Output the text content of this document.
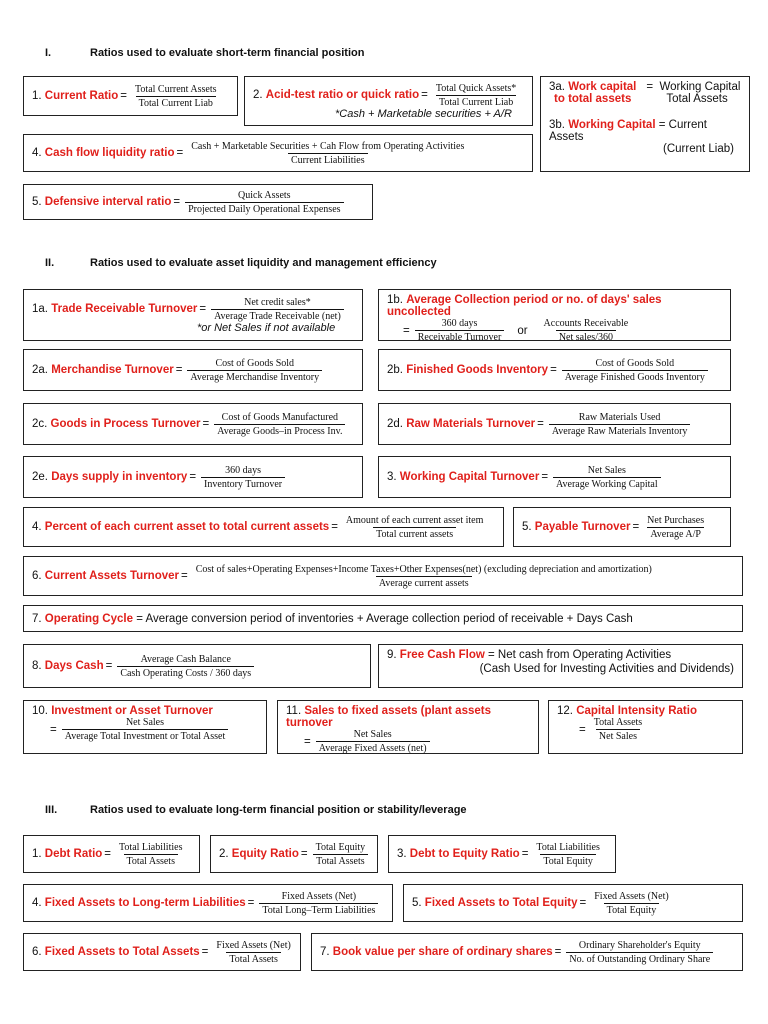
I.	Ratios used to evaluate short-term financial position
1.
Current Ratio = $\frac{\text{Total Current Assets}}{\text{Total Current Liab}}$	2.
Acid-test ratio or quick ratio = $\frac{\text{Total Quick Assets*}}{\text{Total Current Liab}}$
*Cash + Marketable securities + A/R
3a. Work capital
to total assets
= Working Capital
Total Assets
3b. Working Capital = Current Assets
(Current Liab)
4.
Cash flow liquidity ratio =
Cash + Marketable Securities + Cah Flow from Operating Activities
Current Liabilities
5.
Defensive interval ratio = $\frac{\text{Quick Assets}}{\text{Projected Daily Operational Expenses}}$
II.	Ratios used to evaluate asset liquidity and management efficiency
1a.
Trade Receivable Turnover = $\frac{\text{Net credit sales*}}{\text{Average Trade Receivable (net)}}$
*or Net Sales if not available
1b. Average Collection period or no. of days' sales uncollected
= $\frac{\text{360 days}}{\text{Receivable Turnover}}$ or $\frac{\text{Accounts Receivable}}{\text{Net sales/360}}$
2a.
Merchandise Turnover = $\frac{\text{Cost of Goods Sold}}{\text{Average Merchandise Inventory}}$	2b.
Finished Goods Inventory = $\frac{\text{Cost of Goods Sold}}{\text{Average Finished Goods Inventory}}$
2c.
Goods in Process Turnover = $\frac{\text{Cost of Goods Manufactured}}{\text{Average Goods–in Process Inv.}}$	2d.
Raw Materials Turnover = $\frac{\text{Raw Materials Used}}{\text{Average Raw Materials Inventory}}$
2e.
Days supply in inventory = $\frac{\text{360 days}}{\text{Inventory Turnover}}$	3.
Working Capital Turnover = $\frac{\text{Net Sales}}{\text{Average Working Capital}}$
4.
Percent of each current asset to total current assets = $\frac{\text{Amount of each current asset item}}{\text{Total current assets}}$	5.
Payable Turnover = $\frac{\text{Net Purchases}}{\text{Average A/P}}$
6.
Current Assets Turnover =
Cost of sales+Operating Expenses+Income Taxes+Other Expenses(net) (excluding depreciation and amortization)
Average current assets
7.
Operating Cycle
= Average conversion period of inventories + Average collection period of receivable + Days Cash
8.
Days Cash = $\frac{\text{Average Cash Balance}}{\text{Cash Operating Costs / 360 days}}$	9. Free Cash Flow = Net cash from Operating Activities
(Cash Used for Investing Activities and Dividends)
10. Investment or Asset Turnover
= $\frac{\text{Net Sales}}{\text{Average Total Investment or Total Asset}}$
11. Sales to fixed assets (plant assets turnover
= $\frac{\text{Net Sales}}{\text{Average Fixed Assets (net)}}$
12. Capital Intensity Ratio
= $\frac{\text{Total Assets}}{\text{Net Sales}}$
III.	Ratios used to evaluate long-term financial position or stability/leverage
1.
Debt Ratio = $\frac{\text{Total Liabilities}}{\text{Total Assets}}$	2.
Equity Ratio = $\frac{\text{Total Equity}}{\text{Total Assets}}$	3.
Debt to Equity Ratio = $\frac{\text{Total Liabilities}}{\text{Total Equity}}$
4.
Fixed Assets to Long-term Liabilities = $\frac{\text{Fixed Assets (Net)}}{\text{Total Long–Term Liabilities}}$	5.
Fixed Assets to Total Equity = $\frac{\text{Fixed Assets (Net)}}{\text{Total Equity}}$
6.
Fixed Assets to Total Assets = $\frac{\text{Fixed Assets (Net)}}{\text{Total Assets}} 7$.
Book value per share of ordinary shares = $\frac{\text{Ordinary Shareholder's Equity}}{\text{No. of Outstanding Ordinary Share}}$
